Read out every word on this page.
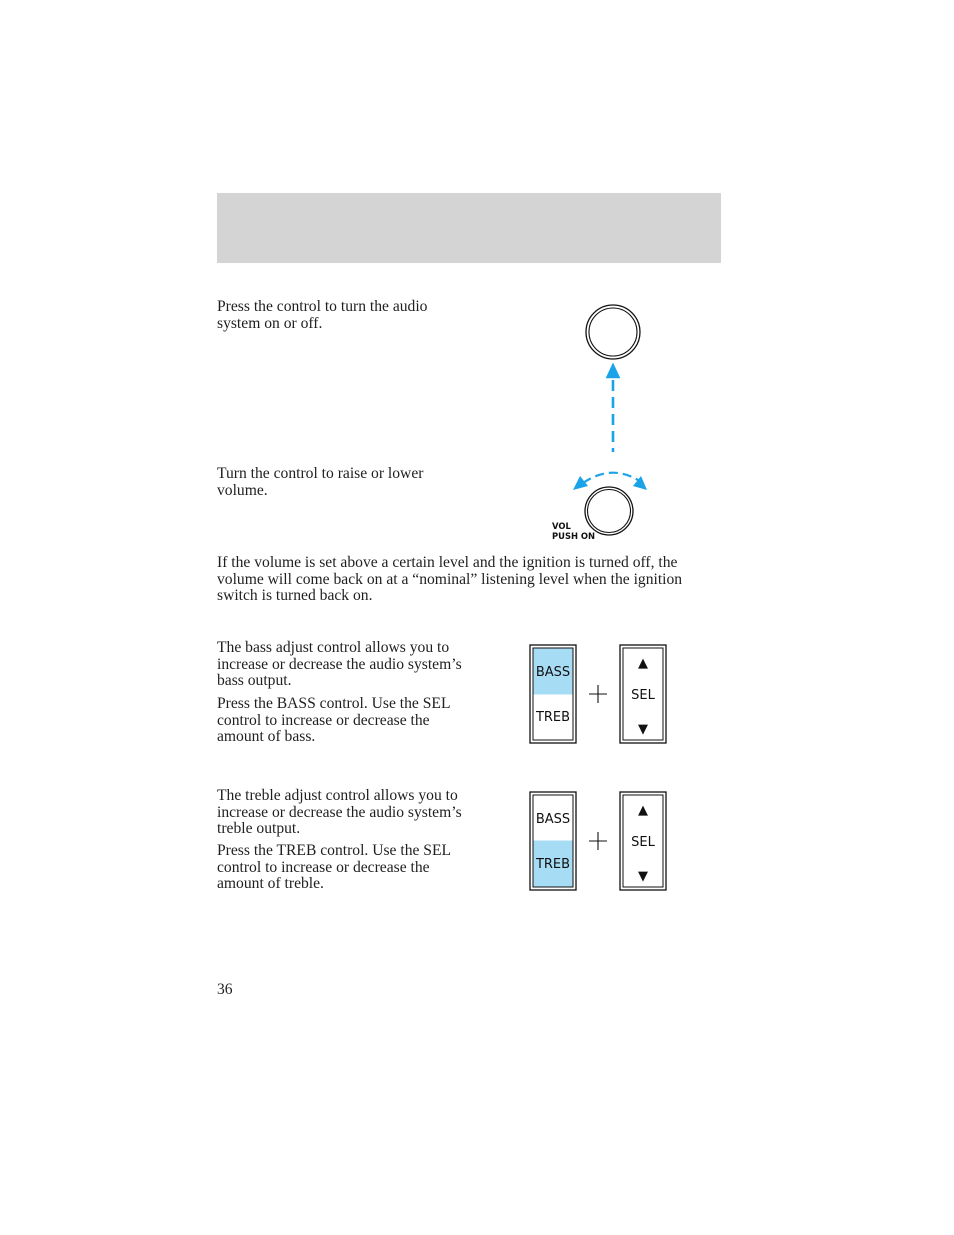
Press the control to turn the audio system on or off.

VOL
PUSH ON

Turn the control to raise or lower volume.

If the volume is set above a certain level and the ignition is turned off, the volume will come back on at a “nominal” listening level when the ignition switch is turned back on.

The bass adjust control allows you to increase or decrease the audio system’s bass output.

Press the BASS control. Use the SEL control to increase or decrease the amount of bass.

BASS
TREB
▲
SEL
▼

The treble adjust control allows you to increase or decrease the audio system’s treble output.

Press the TREB control. Use the SEL control to increase or decrease the amount of treble.

BASS
TREB
▲
SEL
▼

36
